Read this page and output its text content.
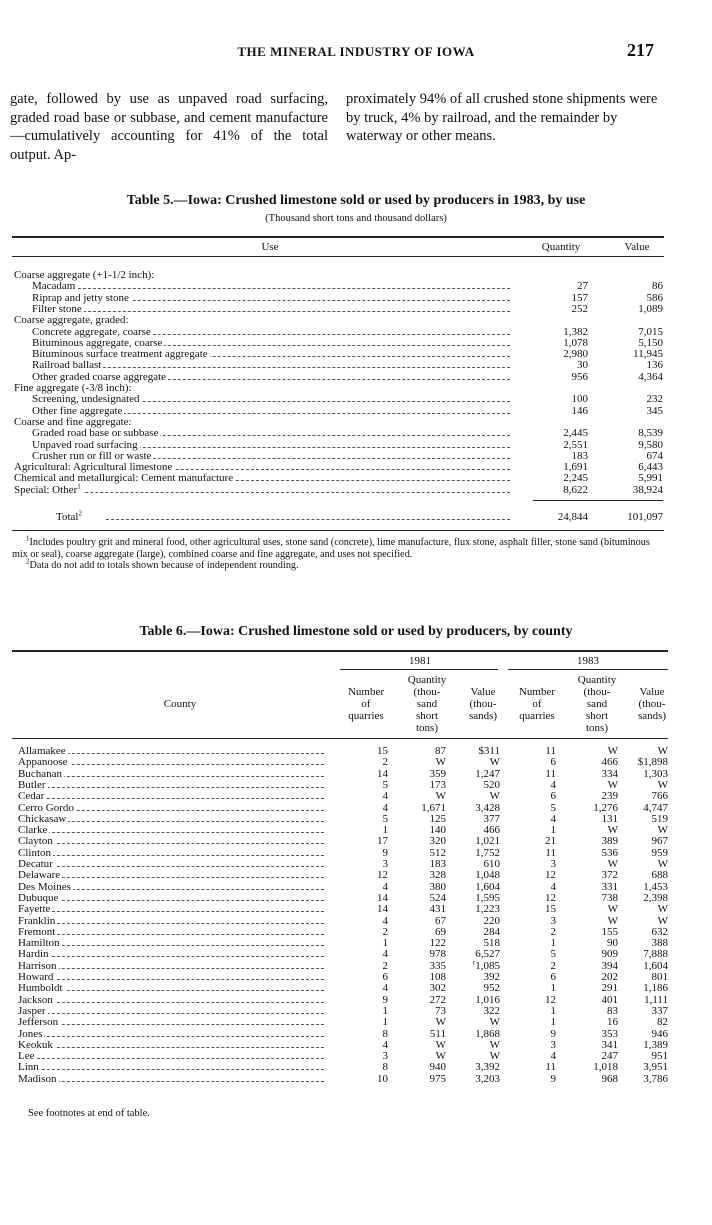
THE MINERAL INDUSTRY OF IOWA	217

gate, followed by use as unpaved road surfacing, graded road base or subbase, and cement manufacture—cumulatively accounting for 41% of the total output. Ap-

proximately 94% of all crushed stone shipments were by truck, 4% by railroad, and the remainder by waterway or other means.

Table 5.—Iowa: Crushed limestone sold or used by producers in 1983, by use
(Thousand short tons and thousand dollars)
Use	Quantity	Value
Coarse aggregate (+1-1/2 inch):
Macadam	27	86
Riprap and jetty stone	157	586
Filter stone	252	1,089
Coarse aggregate, graded:
Concrete aggregate, coarse	1,382	7,015
Bituminous aggregate, coarse	1,078	5,150
Bituminous surface treatment aggregate	2,980	11,945
Railroad ballast	30	136
Other graded coarse aggregate	956	4,364
Fine aggregate (-3/8 inch):
Screening, undesignated	100	232
Other fine aggregate	146	345
Coarse and fine aggregate:
Graded road base or subbase	2,445	8,539
Unpaved road surfacing	2,551	9,580
Crusher run or fill or waste	183	674
Agricultural: Agricultural limestone	1,691	6,443
Chemical and metallurgical: Cement manufacture	2,245	5,991
Special: Other$^1$	8,622	38,924
Total$^2$	24,844	101,097

$^1$Includes poultry grit and mineral food, other agricultural uses, stone sand (concrete), lime manufacture, flux stone, asphalt filler, stone sand (bituminous mix or seal), coarse aggregate (large), combined coarse and fine aggregate, and uses not specified.

$^2$Data do not add to totals shown because of independent rounding.

Table 6.—Iowa: Crushed limestone sold or used by producers, by county
1981	1983
County
Number
of
quarries
Quantity
(thou-
sand
short
tons)
Value
(thou-
sands)
Number
of
quarries
Quantity
(thou-
sand
short
tons)
Value
(thou-
sands)
Allamakee	15	87	$311	11	W	W
Appanoose	2	W	W	6	466	$1,898
Buchanan	14	359	1,247	11	334	1,303
Butler	5	173	520	4	W	W
Cedar	4	W	W	6	239	766
Cerro Gordo	4	1,671	3,428	5	1,276	4,747
Chickasaw	5	125	377	4	131	519
Clarke	1	140	466	1	W	W
Clayton	17	320	1,021	21	389	967
Clinton	9	512	1,752	11	536	959
Decatur	3	183	610	3	W	W
Delaware	12	328	1,048	12	372	688
Des Moines	4	380	1,604	4	331	1,453
Dubuque	14	524	1,595	12	738	2,398
Fayette	14	431	1,223	15	W	W
Franklin	4	67	220	3	W	W
Fremont	2	69	284	2	155	632
Hamilton	1	122	518	1	90	388
Hardin	4	978	6,527	5	909	7,888
Harrison	2	335	$^r$1,085	2	394	1,604
Howard	6	108	392	6	202	801
Humboldt	4	302	952	1	291	1,186
Jackson	9	272	1,016	12	401	1,111
Jasper	1	73	322	1	83	337
Jefferson	1	W	W	1	16	82
Jones	8	511	1,868	9	353	946
Keokuk	4	W	W	3	341	1,389
Lee	3	W	W	4	247	951
Linn	8	940	3,392	11	1,018	3,951
Madison	10	975	3,203	9	968	3,786
See footnotes at end of table.
